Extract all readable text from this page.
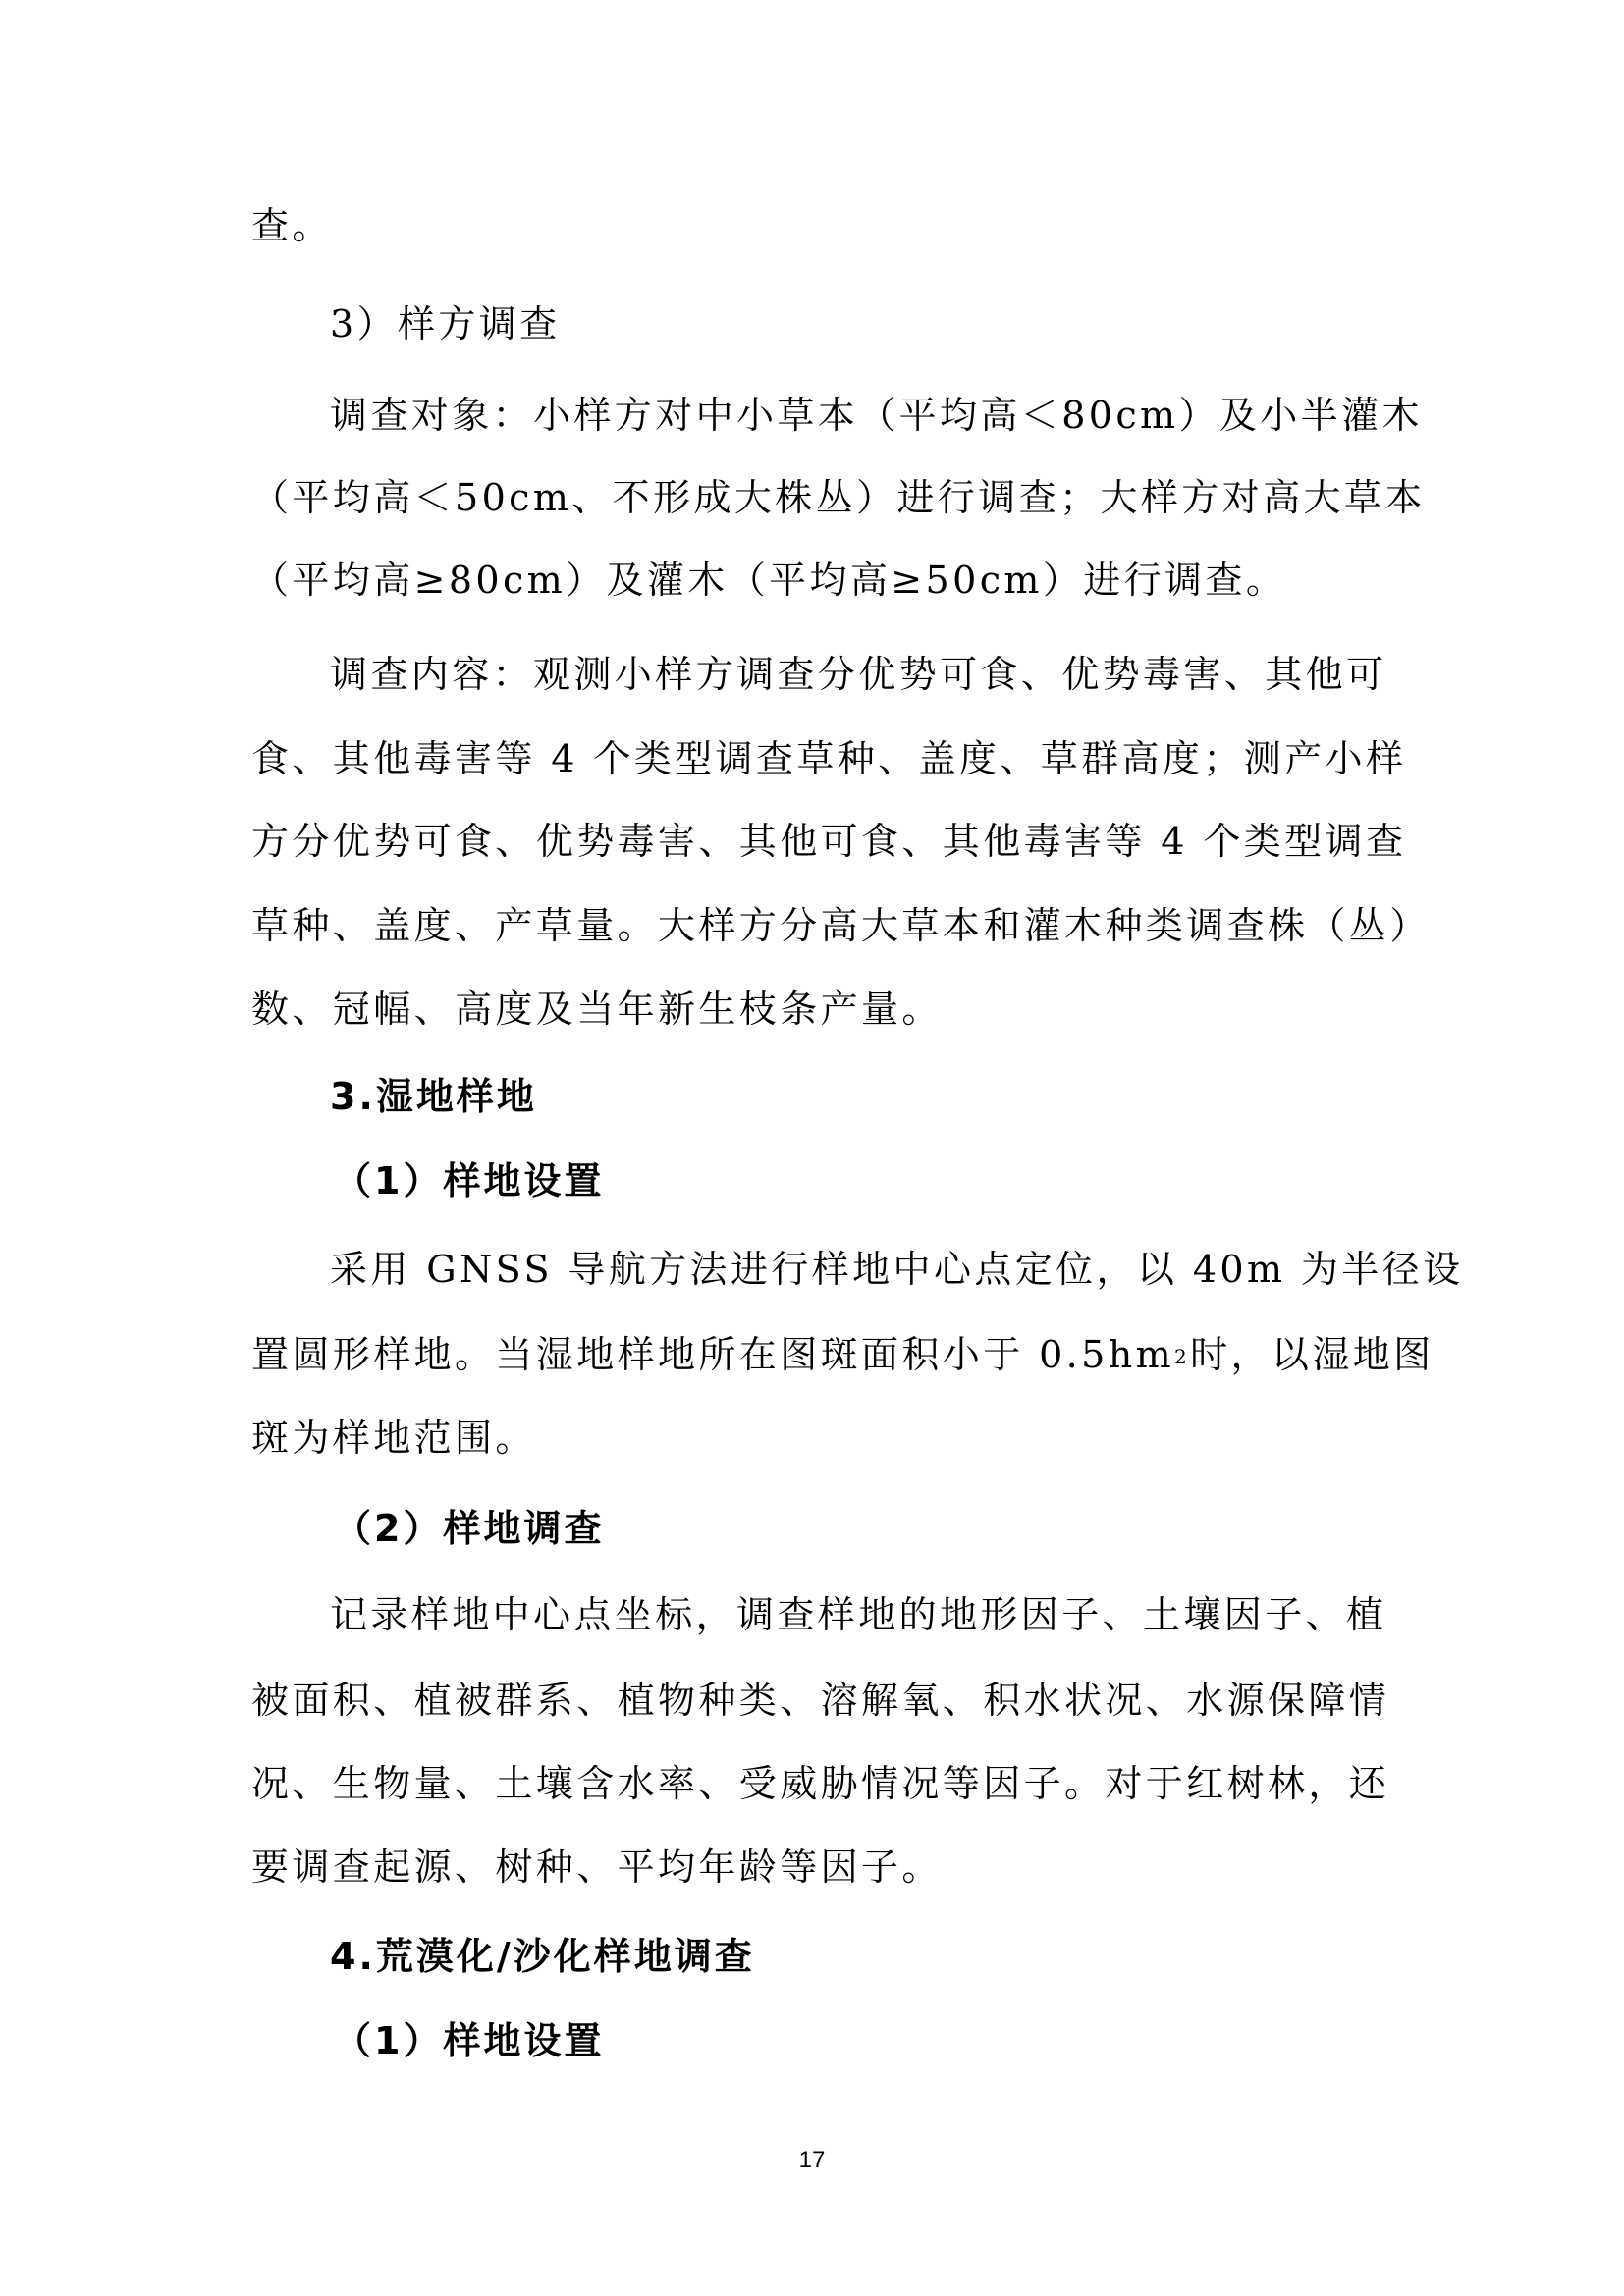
查。
3）样方调查
调查对象：小样方对中小草本（平均高＜80cm）及小半灌木
（平均高＜50cm、不形成大株丛）进行调查；大样方对高大草本
（平均高≥80cm）及灌木（平均高≥50cm）进行调查。
调查内容：观测小样方调查分优势可食、优势毒害、其他可
食、其他毒害等 4 个类型调查草种、盖度、草群高度；测产小样
方分优势可食、优势毒害、其他可食、其他毒害等 4 个类型调查
草种、盖度、产草量。大样方分高大草本和灌木种类调查株（丛）
数、冠幅、高度及当年新生枝条产量。
3.湿地样地
（1）样地设置
采用 GNSS 导航方法进行样地中心点定位，以 40m 为半径设
置圆形样地。当湿地样地所在图斑面积小于 $0.5hm^2$时，以湿地图
斑为样地范围。
（2）样地调查
记录样地中心点坐标，调查样地的地形因子、土壤因子、植
被面积、植被群系、植物种类、溶解氧、积水状况、水源保障情
况、生物量、土壤含水率、受威胁情况等因子。对于红树林，还
要调查起源、树种、平均年龄等因子。
4.荒漠化/沙化样地调查
（1）样地设置
17
